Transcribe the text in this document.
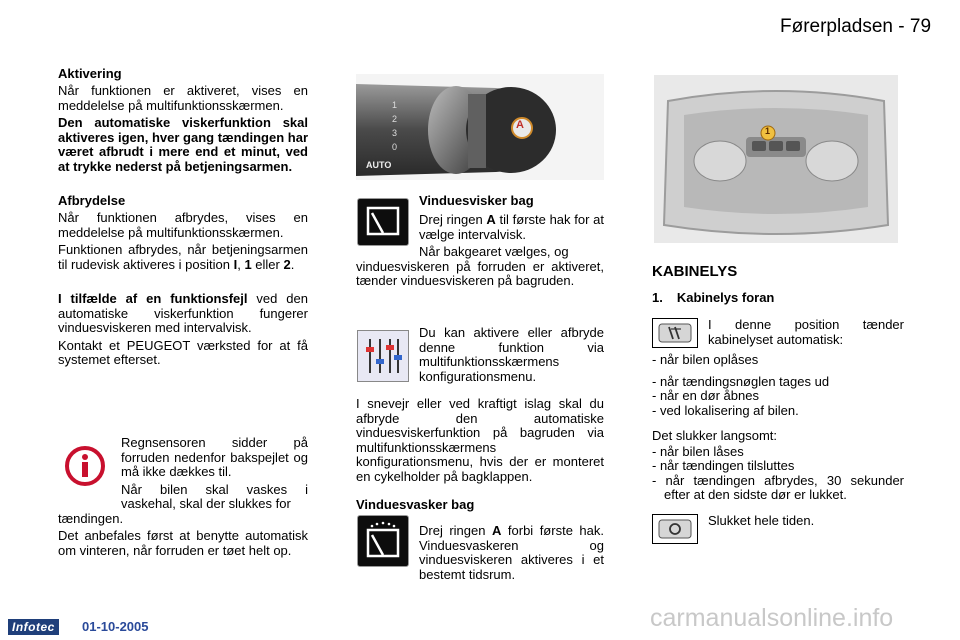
Førerpladsen - 79

Aktivering

Når funktionen er aktiveret, vises en meddelelse på multifunktionsskærmen.

Den automatiske viskerfunktion skal aktiveres igen, hver gang tændingen har været afbrudt i mere end et minut, ved at trykke nederst på betjeningsarmen.

Afbrydelse

Når funktionen afbrydes, vises en meddelelse på multifunktionsskærmen.

Funktionen afbrydes, når betjeningsarmen til rudevisk aktiveres i position I, 1 eller 2.

I tilfælde af en funktionsfejl ved den automatiske viskerfunktion fungerer vinduesviskeren med intervalvisk.

Kontakt et PEUGEOT værksted for at få systemet efterset.

Regnsensoren sidder på forruden nedenfor bakspejlet og må ikke dækkes til.

Når bilen skal vaskes i vaskehal, skal der slukkes for

tændingen.

Det anbefales først at benytte automatisk om vinteren, når forruden er tøet helt op.

1
2
3
0
AUTO
A

Vinduesvisker bag

Drej ringen A til første hak for at vælge intervalvisk.

Når bakgearet vælges, og

vinduesviskeren på forruden er aktiveret, tænder vinduesviskeren på bagruden.

Du kan aktivere eller afbryde denne funktion via multifunktionsskærmens konfigurationsmenu.

I snevejr eller ved kraftigt islag skal du afbryde den automatiske vinduesviskerfunktion på bagruden via multifunktionsskærmens konfigurationsmenu, hvis der er monteret en cykelholder på bagklappen.

Vinduesvasker bag

Drej ringen A forbi første hak. Vinduesvaskeren og vinduesviskeren aktiveres i et bestemt tidsrum.

1
KABINELYS
1. Kabinelys foran

I denne position tænder kabinelyset automatisk:

- når bilen oplåses

- når tændingsnøglen tages ud

- når en dør åbnes

- ved lokalisering af bilen.

Det slukker langsomt:

- når bilen låses

- når tændingen tilsluttes

- når tændingen afbrydes, 30 sekunder efter at den sidste dør er lukket.

Slukket hele tiden.
Infotec	01-10-2005	carmanualsonline.info
